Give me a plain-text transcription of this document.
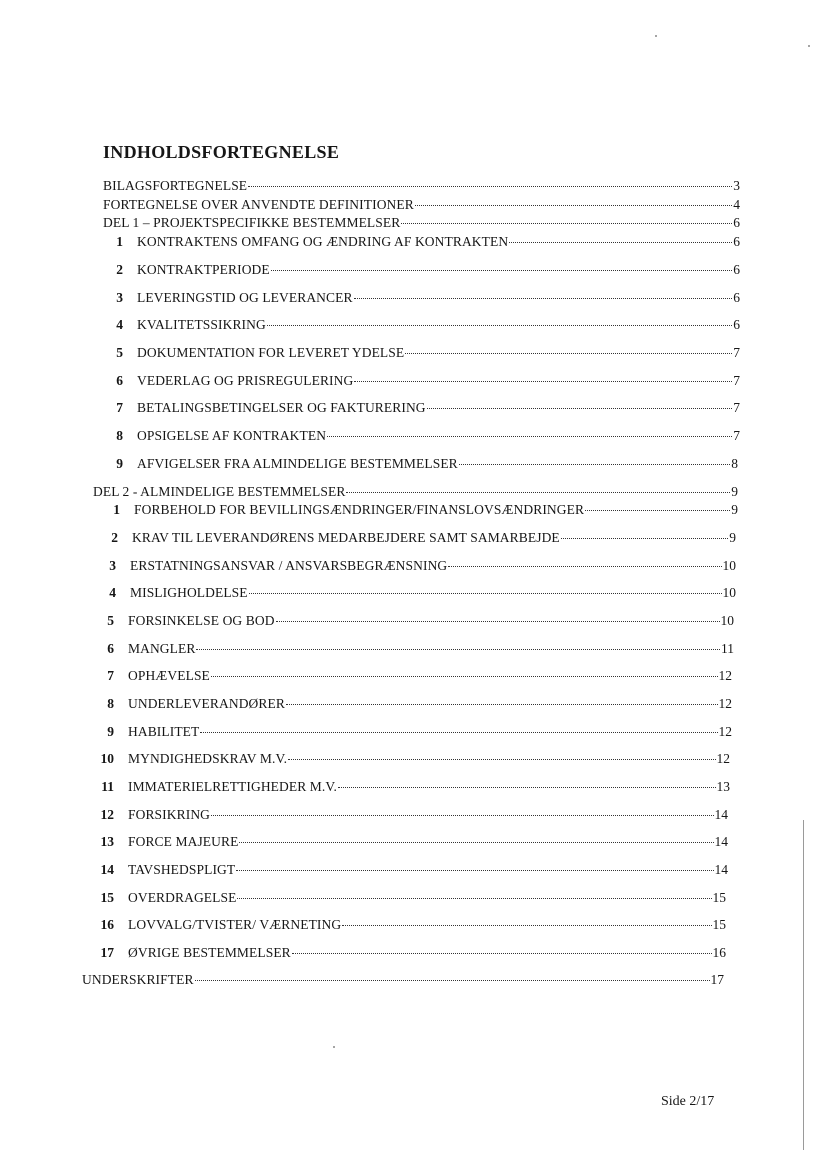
INDHOLDSFORTEGNELSE
BILAGSFORTEGNELSE	3
FORTEGNELSE OVER ANVENDTE DEFINITIONER	4
DEL 1 – PROJEKTSPECIFIKKE BESTEMMELSER	6
1 KONTRAKTENS OMFANG OG ÆNDRING AF KONTRAKTEN	6
2 KONTRAKTPERIODE	6
3 LEVERINGSTID OG LEVERANCER	6
4 KVALITETSSIKRING	6
5 DOKUMENTATION FOR LEVERET YDELSE	7
6 VEDERLAG OG PRISREGULERING	7
7 BETALINGSBETINGELSER OG FAKTURERING	7
8 OPSIGELSE AF KONTRAKTEN	7
9 AFVIGELSER FRA ALMINDELIGE BESTEMMELSER	8
DEL 2 - ALMINDELIGE BESTEMMELSER	9
1 FORBEHOLD FOR BEVILLINGSÆNDRINGER/FINANSLOVSÆNDRINGER	9
2 KRAV TIL LEVERANDØRENS MEDARBEJDERE SAMT SAMARBEJDE	9
3 ERSTATNINGSANSVAR / ANSVARSBEGRÆNSNING	10
4 MISLIGHOLDELSE	10
5 FORSINKELSE OG BOD	10
6 MANGLER	11
7 OPHÆVELSE	12
8 UNDERLEVERANDØRER	12
9 HABILITET	12
10 MYNDIGHEDSKRAV M.V.	12
11 IMMATERIELRETTIGHEDER M.V.	13
12 FORSIKRING	14
13 FORCE MAJEURE	14
14 TAVSHEDSPLIGT	14
15 OVERDRAGELSE	15
16 LOVVALG/TVISTER/ VÆRNETING	15
17 ØVRIGE BESTEMMELSER	16
UNDERSKRIFTER	17
Side 2/17
